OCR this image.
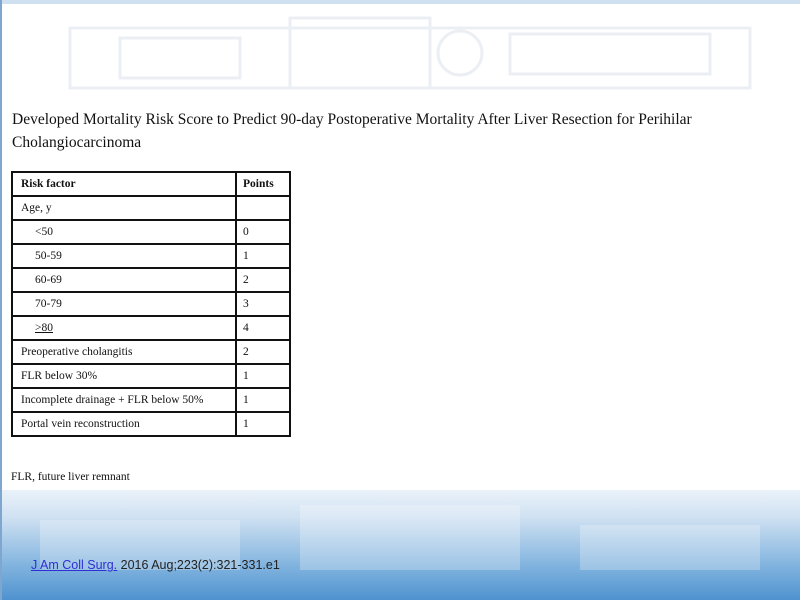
Developed Mortality Risk Score to Predict 90-day Postoperative Mortality After Liver Resection for Perihilar Cholangiocarcinoma
Risk factor	Points
Age, y	
<50	0
50-59	1
60-69	2
70-79	3
>80	4
Preoperative cholangitis	2
FLR below 30%	1
Incomplete drainage + FLR below 50%	1
Portal vein reconstruction	1
FLR, future liver remnant
J Am Coll Surg. 2016 Aug;223(2):321-331.e1
